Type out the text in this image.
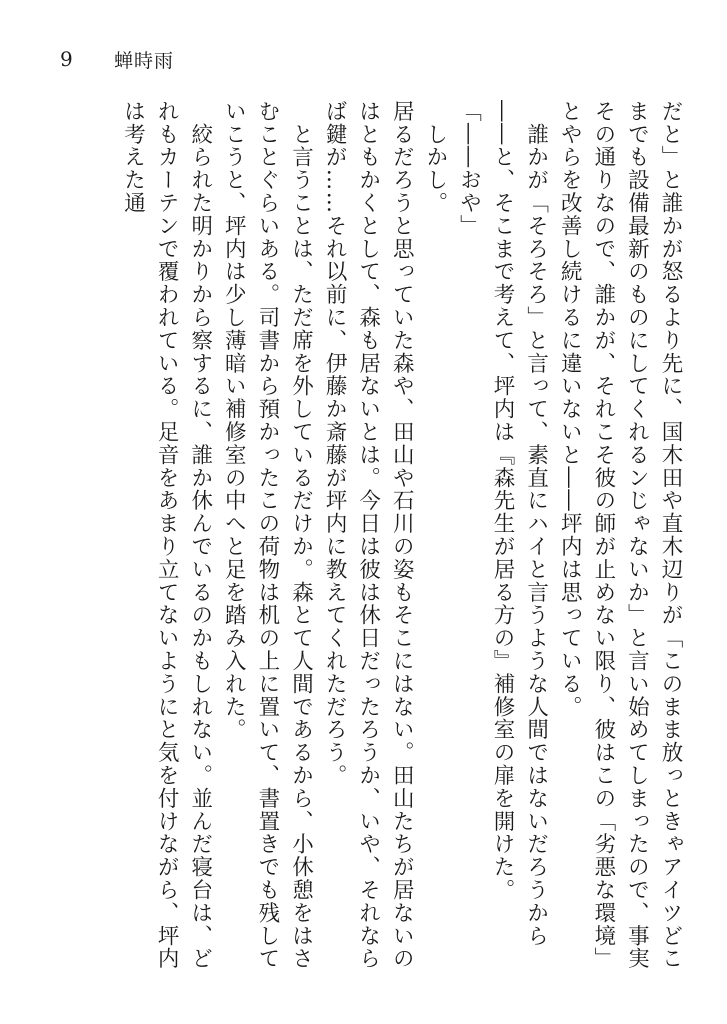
9	蝉時雨

だと」と誰かが怒るより先に、国木田や直木辺りが「このまま放っときゃアイツどこまでも設備最新のものにしてくれるンじゃないか」と言い始めてしまったので、事実その通りなので、誰かが、それこそ彼の師が止めない限り、彼はこの「劣悪な環境」とやらを改善し続けるに違いないと――坪内は思っている。

　誰かが「そろそろ」と言って、素直にハイと言うような人間ではないだろうから――と、そこまで考えて、坪内は『森先生が居る方の』補修室の扉を開けた。

「――おや」

　しかし。

居るだろうと思っていた森や、田山や石川の姿もそこにはない。田山たちが居ないのはともかくとして、森も居ないとは。今日は彼は休日だったろうか、いや、それならば鍵が……それ以前に、伊藤か斎藤が坪内に教えてくれただろう。

　と言うことは、ただ席を外しているだけか。森とて人間であるから、小休憩をはさむことぐらいある。司書から預かったこの荷物は机の上に置いて、書置きでも残していこうと、坪内は少し薄暗い補修室の中へと足を踏み入れた。

　絞られた明かりから察するに、誰か休んでいるのかもしれない。並んだ寝台は、どれもカーテンで覆われている。足音をあまり立てないようにと気を付けながら、坪内は考えた通
